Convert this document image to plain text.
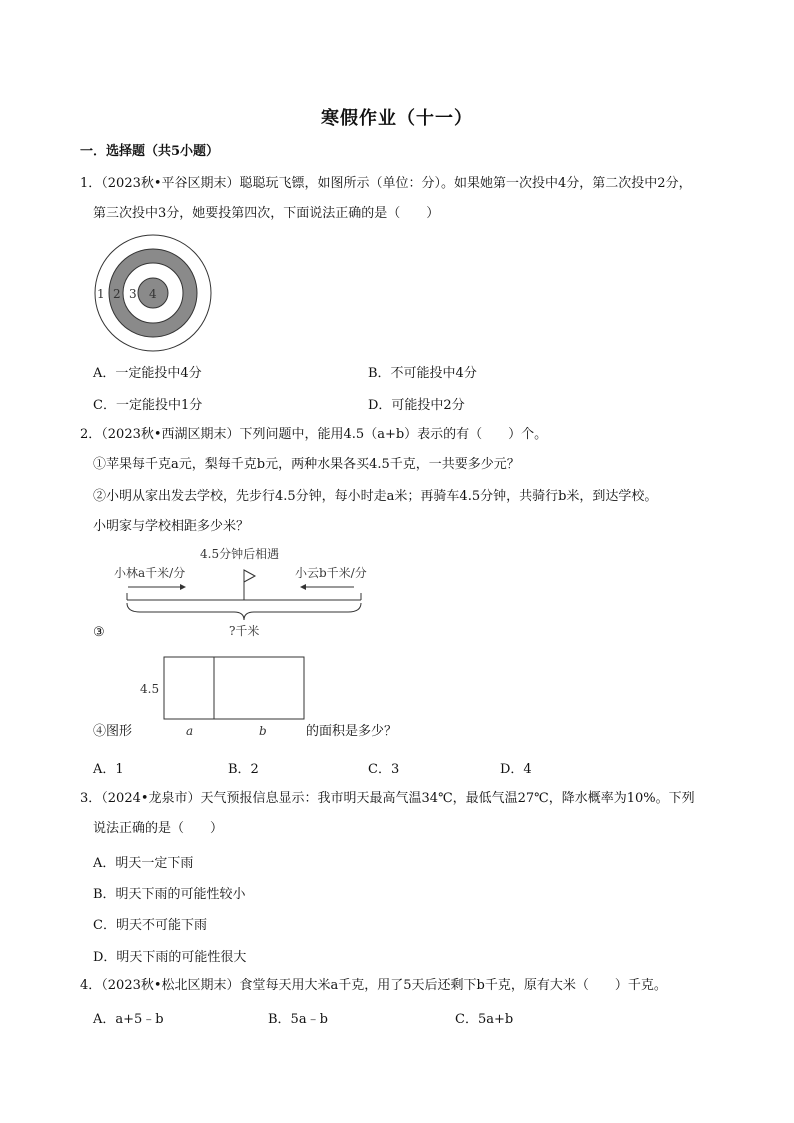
寒假作业（十一）
一．选择题（共5小题）
1．（2023秋•平谷区期末）聪聪玩飞镖，如图所示（单位：分）。如果她第一次投中4分，第二次投中2分，
第三次投中3分，她要投第四次，下面说法正确的是（　　）
1 2 3 4
A．一定能投中4分	B．不可能投中4分
C．一定能投中1分	D．可能投中2分
2．（2023秋•西湖区期末）下列问题中，能用4.5（a+b）表示的有（　　）个。
①苹果每千克a元，梨每千克b元，两种水果各买4.5千克，一共要多少元？
②小明从家出发去学校，先步行4.5分钟，每小时走a米；再骑车4.5分钟，共骑行b米，到达学校。
小明家与学校相距多少米？
4.5分钟后相遇
小林a千米/分	小云b千米/分
?千米
③
4.5
a	b
④图形	的面积是多少？
A．1	B．2	C．3	D．4
3．（2024•龙泉市）天气预报信息显示：我市明天最高气温34℃，最低气温27℃，降水概率为10%。下列
说法正确的是（　　）
A．明天一定下雨
B．明天下雨的可能性较小
C．明天不可能下雨
D．明天下雨的可能性很大
4．（2023秋•松北区期末）食堂每天用大米a千克，用了5天后还剩下b千克，原有大米（　　）千克。
A．a+5﹣b	B．5a﹣b	C．5a+b
